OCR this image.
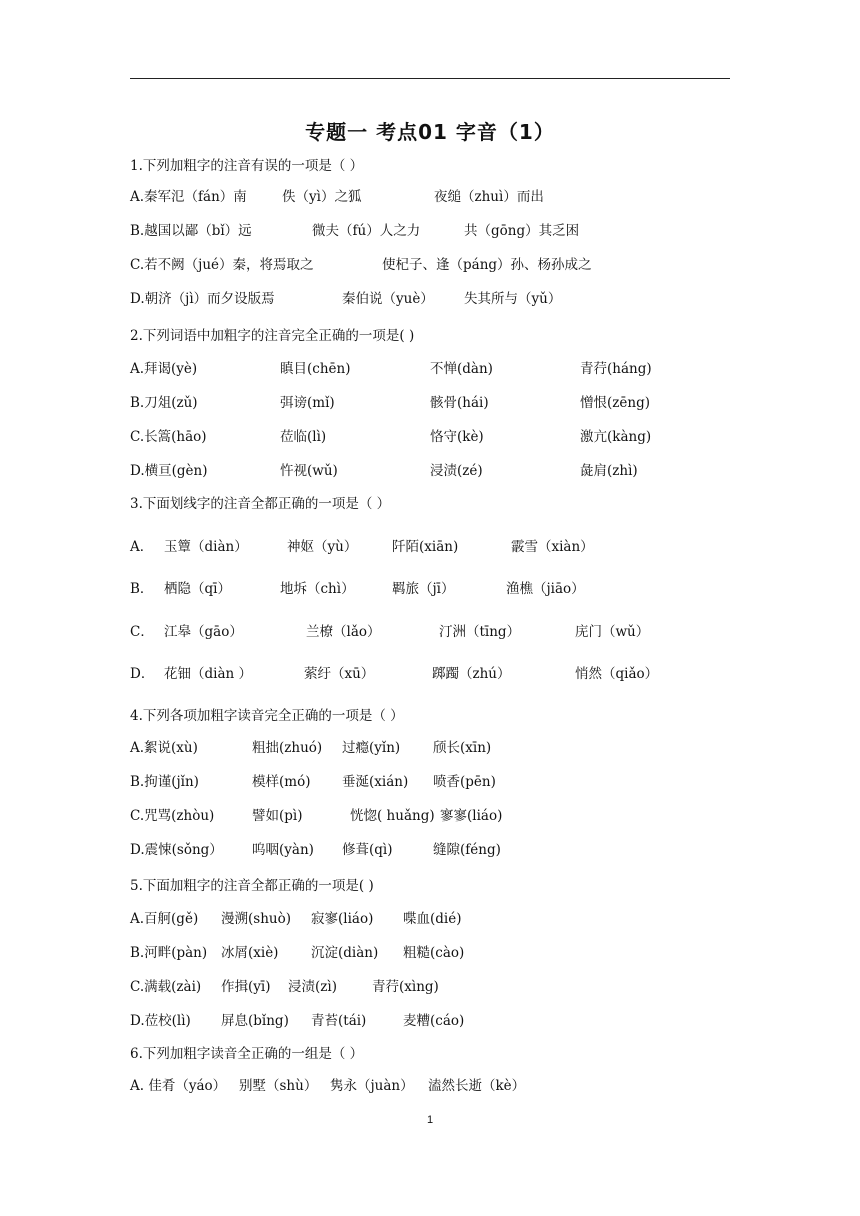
专题一 考点01 字音（1）
1.下列加粗字的注音有误的一项是（ ）
A.秦军氾（fán）南	佚（yì）之狐	夜缒（zhuì）而出
B.越国以鄙（bǐ）远	微夫（fú）人之力	共（gōng）其乏困
C.若不阙（jué）秦，将焉取之	使杞子、逢（páng）孙、杨孙成之
D.朝济（jì）而夕设版焉	秦伯说（yuè） 失其所与（yǔ）
2.下列词语中加粗字的注音完全正确的一项是( )
A.拜谒(yè)	瞋目(chēn)	不惮(dàn)	青荇(háng)
B.刀俎(zǔ)	弭谤(mǐ)	骸骨(hái)	憎恨(zēng)
C.长篙(hāo)	莅临(lì)	恪守(kè)	激亢(kàng)
D.横亘(gèn)	忤视(wǔ)	浸渍(zé)	彘肩(zhì)
3.下面划线字的注音全都正确的一项是（ ）
A． 玉簟（diàn）	神妪（yù）	阡陌(xiān)	霰雪（xiàn）
B． 栖隐（qī）	地坼（chì）	羁旅（jī）	渔樵（jiāo）
C． 江皋（gāo）	兰橑（lǎo）	汀洲（tīng）	庑门（wǔ）
D． 花钿（diàn ）	萦纡（xū）	踯躅（zhú）	悄然（qiǎo）
4.下列各项加粗字读音完全正确的一项是（ ）
A.絮说(xù)	粗拙(zhuó) 过瘾(yǐn) 颀长(xīn)
B.拘谨(jǐn)	模样(mó) 垂涎(xián) 喷香(pēn)
C.咒骂(zhòu)	譬如(pì)	恍惚( huǎng) 寥寥(liáo)
D.震悚(sǒng） 呜咽(yàn) 修葺(qì)	缝隙(féng)
5.下面加粗字的注音全都正确的一项是( )
A.百舸(gě) 漫溯(shuò) 寂寥(liáo) 喋血(dié)
B.河畔(pàn) 冰屑(xiè) 沉淀(diàn) 粗糙(cào)
C.满载(zài) 作揖(yī) 浸渍(zì)	青荇(xìng)
D.莅校(lì) 屏息(bǐng) 青苔(tái)	麦糟(cáo)
6.下列加粗字读音全正确的一组是（ ）
A. 佳肴（yáo） 别墅（shù） 隽永（juàn） 溘然长逝（kè）
1
